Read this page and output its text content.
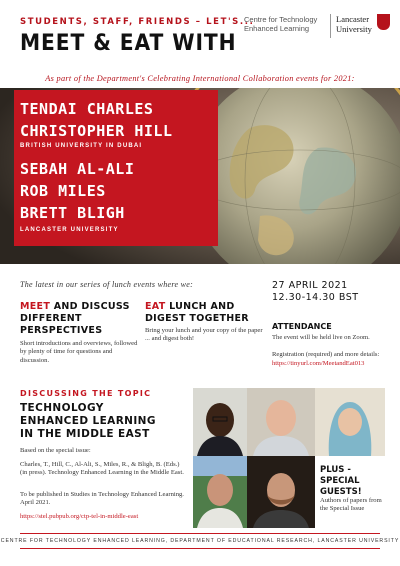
STUDENTS, STAFF, FRIENDS – LET'S...
MEET & EAT WITH
Centre for Technology Enhanced Learning
Lancaster University
As part of the Department's Celebrating International Collaboration events for 2021:
TENDAI CHARLES
CHRISTOPHER HILL
BRITISH UNIVERSITY IN DUBAI
SEBAH AL-ALI
ROB MILES
BRETT BLIGH
LANCASTER UNIVERSITY
The latest in our series of lunch events where we:
MEET AND DISCUSS DIFFERENT PERSPECTIVES
Short introductions and overviews, followed by plenty of time for questions and discussion.
EAT LUNCH AND DIGEST TOGETHER
Bring your lunch and your copy of the paper ... and digest both!
27 APRIL 2021
12.30-14.30 BST
ATTENDANCE
The event will be held live on Zoom.
Registration (required) and more details:
https://tinyurl.com/MeetandEat013
DISCUSSING THE TOPIC
TECHNOLOGY
ENHANCED LEARNING
IN THE MIDDLE EAST
Based on the special issue:
Charles, T., Hill, C., Al-Ali, S., Miles, R., & Bligh, B. (Eds.) (in press). Technology Enhanced Learning in the Middle East.
To be published in Studies in Technology Enhanced Learning. April 2021.
https://stel.pubpub.org/ctp-tel-in-middle-east
PLUS -
SPECIAL GUESTS!
Authors of papers from the Special Issue
CENTRE FOR TECHNOLOGY ENHANCED LEARNING, DEPARTMENT OF EDUCATIONAL RESEARCH, LANCASTER UNIVERSITY
